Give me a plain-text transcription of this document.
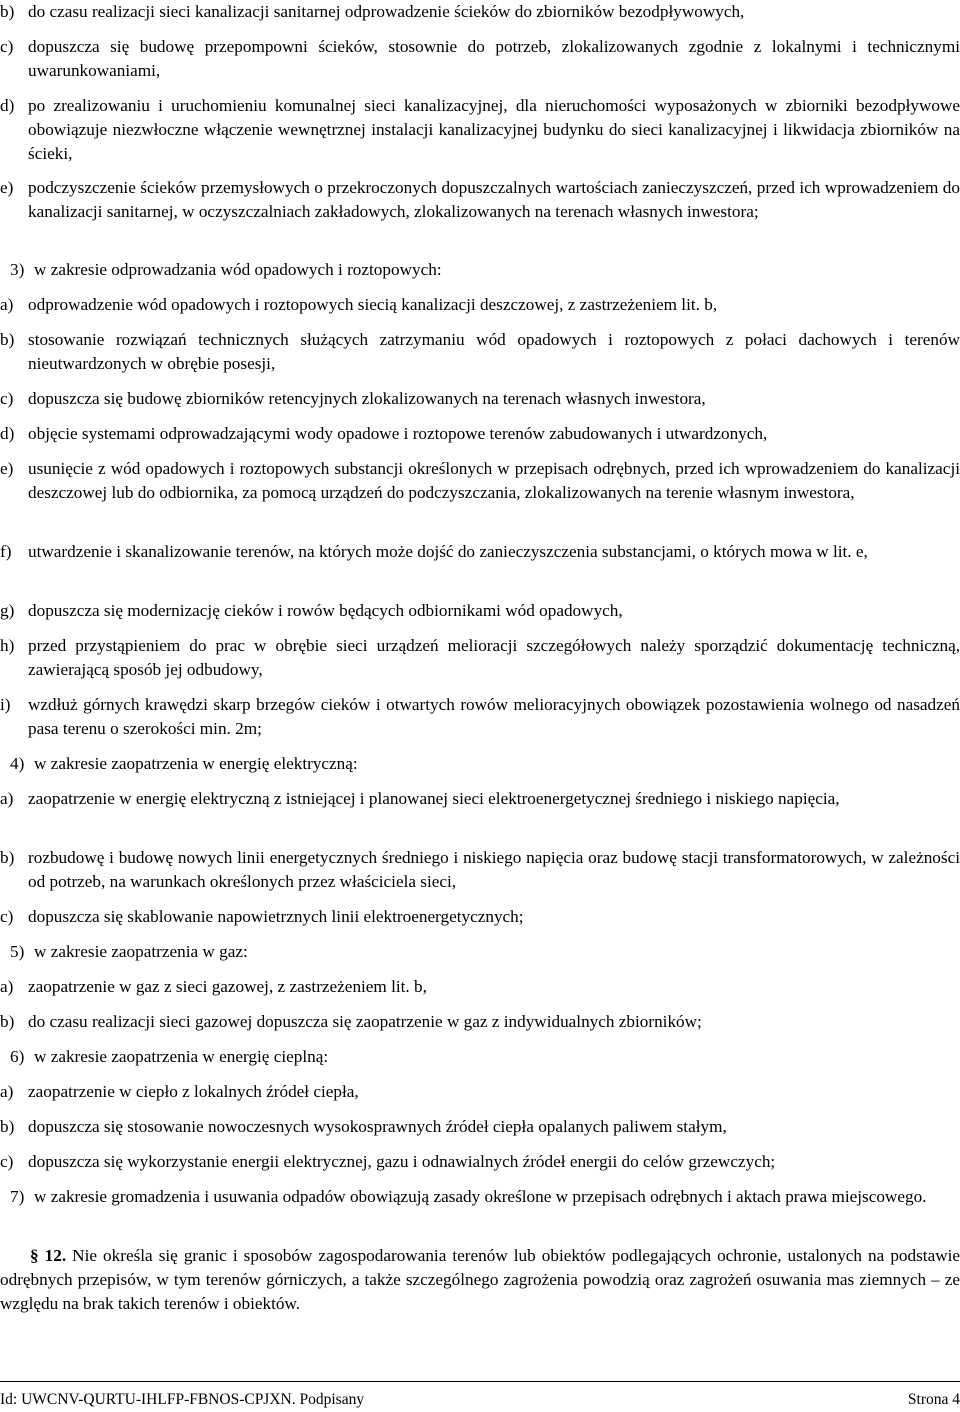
b) do czasu realizacji sieci kanalizacji sanitarnej odprowadzenie ścieków do zbiorników bezodpływowych,
c) dopuszcza się budowę przepompowni ścieków, stosownie do potrzeb, zlokalizowanych zgodnie z lokalnymi i technicznymi uwarunkowaniami,
d) po zrealizowaniu i uruchomieniu komunalnej sieci kanalizacyjnej, dla nieruchomości wyposażonych w zbiorniki bezodpływowe obowiązuje niezwłoczne włączenie wewnętrznej instalacji kanalizacyjnej budynku do sieci kanalizacyjnej i likwidacja zbiorników na ścieki,
e) podczyszczenie ścieków przemysłowych o przekroczonych dopuszczalnych wartościach zanieczyszczeń, przed ich wprowadzeniem do kanalizacji sanitarnej, w oczyszczalniach zakładowych, zlokalizowanych na terenach własnych inwestora;
3) w zakresie odprowadzania wód opadowych i roztopowych:
a) odprowadzenie wód opadowych i roztopowych siecią kanalizacji deszczowej, z zastrzeżeniem lit. b,
b) stosowanie rozwiązań technicznych służących zatrzymaniu wód opadowych i roztopowych z połaci dachowych i terenów nieutwardzonych w obrębie posesji,
c) dopuszcza się budowę zbiorników retencyjnych zlokalizowanych na terenach własnych inwestora,
d) objęcie systemami odprowadzającymi wody opadowe i roztopowe terenów zabudowanych i utwardzonych,
e) usunięcie z wód opadowych i roztopowych substancji określonych w przepisach odrębnych, przed ich wprowadzeniem do kanalizacji deszczowej lub do odbiornika, za pomocą urządzeń do podczyszczania, zlokalizowanych na terenie własnym inwestora,
f) utwardzenie i skanalizowanie terenów, na których może dojść do zanieczyszczenia substancjami, o których mowa w lit. e,
g) dopuszcza się modernizację cieków i rowów będących odbiornikami wód opadowych,
h) przed przystąpieniem do prac w obrębie sieci urządzeń melioracji szczegółowych należy sporządzić dokumentację techniczną, zawierającą sposób jej odbudowy,
i) wzdłuż górnych krawędzi skarp brzegów cieków i otwartych rowów melioracyjnych obowiązek pozostawienia wolnego od nasadzeń pasa terenu o szerokości min. 2m;
4) w zakresie zaopatrzenia w energię elektryczną:
a) zaopatrzenie w energię elektryczną z istniejącej i planowanej sieci elektroenergetycznej średniego i niskiego napięcia,
b) rozbudowę i budowę nowych linii energetycznych średniego i niskiego napięcia oraz budowę stacji transformatorowych, w zależności od potrzeb, na warunkach określonych przez właściciela sieci,
c) dopuszcza się skablowanie napowietrznych linii elektroenergetycznych;
5) w zakresie zaopatrzenia w gaz:
a) zaopatrzenie w gaz z sieci gazowej, z zastrzeżeniem lit. b,
b) do czasu realizacji sieci gazowej dopuszcza się zaopatrzenie w gaz z indywidualnych zbiorników;
6) w zakresie zaopatrzenia w energię cieplną:
a) zaopatrzenie w ciepło z lokalnych źródeł ciepła,
b) dopuszcza się stosowanie nowoczesnych wysokosprawnych źródeł ciepła opalanych paliwem stałym,
c) dopuszcza się wykorzystanie energii elektrycznej, gazu i odnawialnych źródeł energii do celów grzewczych;
7) w zakresie gromadzenia i usuwania odpadów obowiązują zasady określone w przepisach odrębnych i aktach prawa miejscowego.
§ 12. Nie określa się granic i sposobów zagospodarowania terenów lub obiektów podlegających ochronie, ustalonych na podstawie odrębnych przepisów, w tym terenów górniczych, a także szczególnego zagrożenia powodzią oraz zagrożeń osuwania mas ziemnych – ze względu na brak takich terenów i obiektów.
Id: UWCNV-QURTU-IHLFP-FBNOS-CPJXN. Podpisany	Strona 4
